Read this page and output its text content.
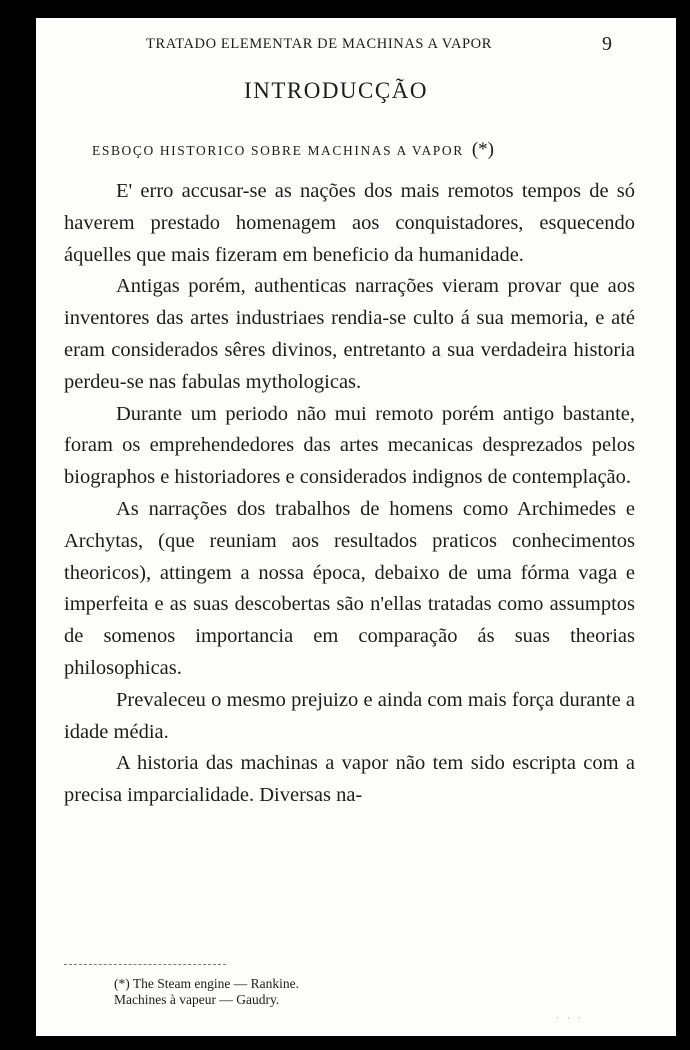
TRATADO ELEMENTAR DE MACHINAS A VAPOR	9
INTRODUCÇÃO
ESBOÇO HISTORICO SOBRE MACHINAS A VAPOR (*)

E' erro accusar-se as nações dos mais remotos tempos de só haverem prestado homenagem aos conquistadores, esquecendo áquelles que mais fizeram em beneficio da humanidade.

Antigas porém, authenticas narrações vieram provar que aos inventores das artes industriaes rendia-se culto á sua memoria, e até eram considerados sêres divinos, entretanto a sua verdadeira historia perdeu-se nas fabulas mythologicas.

Durante um periodo não mui remoto porém antigo bastante, foram os emprehendedores das artes mecanicas desprezados pelos biographos e historiadores e considerados indignos de contemplação.

As narrações dos trabalhos de homens como Archimedes e Archytas, (que reuniam aos resultados praticos conhecimentos theoricos), attingem a nossa época, debaixo de uma fórma vaga e imperfeita e as suas descobertas são n'ellas tratadas como assumptos de somenos importancia em comparação ás suas theorias philosophicas.

Prevaleceu o mesmo prejuizo e ainda com mais força durante a idade média.

A historia das machinas a vapor não tem sido escripta com a precisa imparcialidade. Diversas na-

(*) The Steam engine — Rankine.
Machines à vapeur — Gaudry.
· · ·
